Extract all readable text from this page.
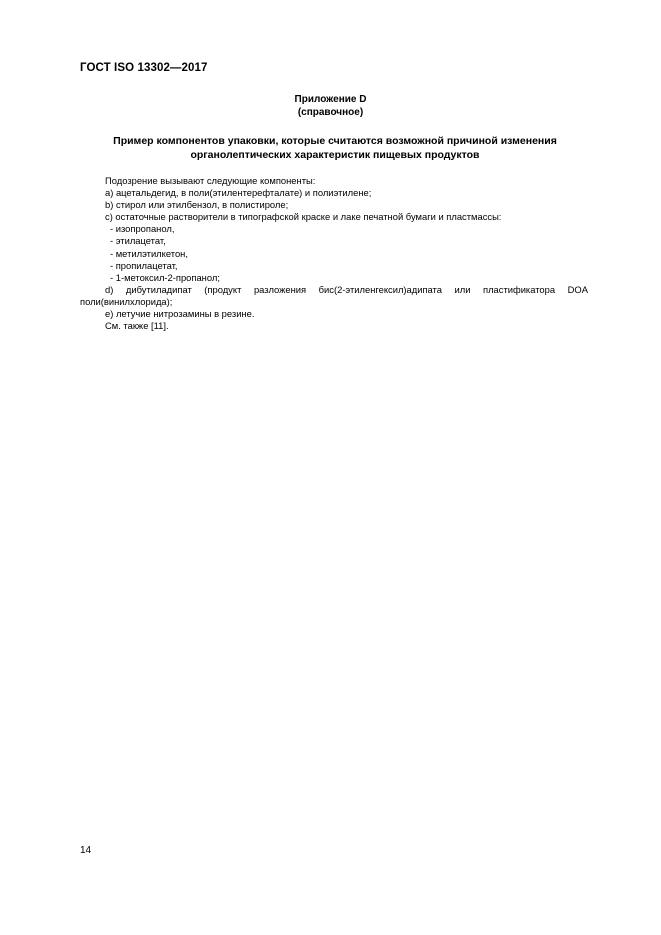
ГОСТ ISO 13302—2017
Приложение D
(справочное)
Пример компонентов упаковки, которые считаются возможной причиной изменения
органолептических характеристик пищевых продуктов
Подозрение вызывают следующие компоненты:
a) ацетальдегид, в поли(этилентерефталате) и полиэтилене;
b) стирол или этилбензол, в полистироле;
c) остаточные растворители в типографской краске и лаке печатной бумаги и пластмассы:
- изопропанол,
- этилацетат,
- метилэтилкетон,
- пропилацетат,
- 1-метоксил-2-пропанол;
d) дибутиладипат (продукт разложения бис(2-этиленгексил)адипата или пластификатора DOA
поли(винилхлорида);
e) летучие нитрозамины в резине.
См. также [11].
14
